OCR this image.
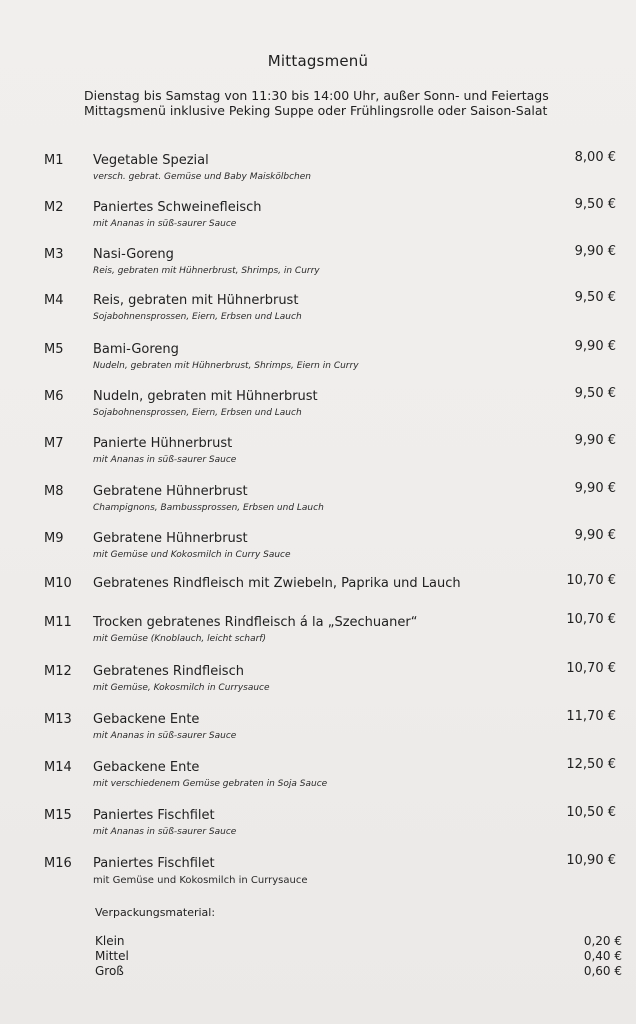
Mittagsmenü
Dienstag bis Samstag von 11:30 bis 14:00 Uhr, außer Sonn- und Feiertags
Mittagsmenü inklusive Peking Suppe oder Frühlingsrolle oder Saison-Salat
M1 Vegetable Spezial
versch. gebrat. Gemüse und Baby Maiskölbchen
8,00 €
M2 Paniertes Schweinefleisch
mit Ananas in süß-saurer Sauce
9,50 €
M3 Nasi-Goreng
Reis, gebraten mit Hühnerbrust, Shrimps, in Curry
9,90 €
M4 Reis, gebraten mit Hühnerbrust
Sojabohnensprossen, Eiern, Erbsen und Lauch
9,50 €
M5 Bami-Goreng
Nudeln, gebraten mit Hühnerbrust, Shrimps, Eiern in Curry
9,90 €
M6 Nudeln, gebraten mit Hühnerbrust
Sojabohnensprossen, Eiern, Erbsen und Lauch
9,50 €
M7 Panierte Hühnerbrust
mit Ananas in süß-saurer Sauce
9,90 €
M8 Gebratene Hühnerbrust
Champignons, Bambussprossen, Erbsen und Lauch
9,90 €
M9 Gebratene Hühnerbrust
mit Gemüse und Kokosmilch in Curry Sauce
9,90 €
M10 Gebratenes Rindfleisch mit Zwiebeln, Paprika und Lauch	10,70 €
M11 Trocken gebratenes Rindfleisch á la „Szechuaner“
mit Gemüse (Knoblauch, leicht scharf)
10,70 €
M12 Gebratenes Rindfleisch
mit Gemüse, Kokosmilch in Currysauce
10,70 €
M13 Gebackene Ente
mit Ananas in süß-saurer Sauce
11,70 €
M14 Gebackene Ente
mit verschiedenem Gemüse gebraten in Soja Sauce
12,50 €
M15 Paniertes Fischfilet
mit Ananas in süß-saurer Sauce
10,50 €
M16 Paniertes Fischfilet
mit Gemüse und Kokosmilch in Currysauce
10,90 €
Verpackungsmaterial:
Klein	0,20 €
Mittel	0,40 €
Groß	0,60 €
